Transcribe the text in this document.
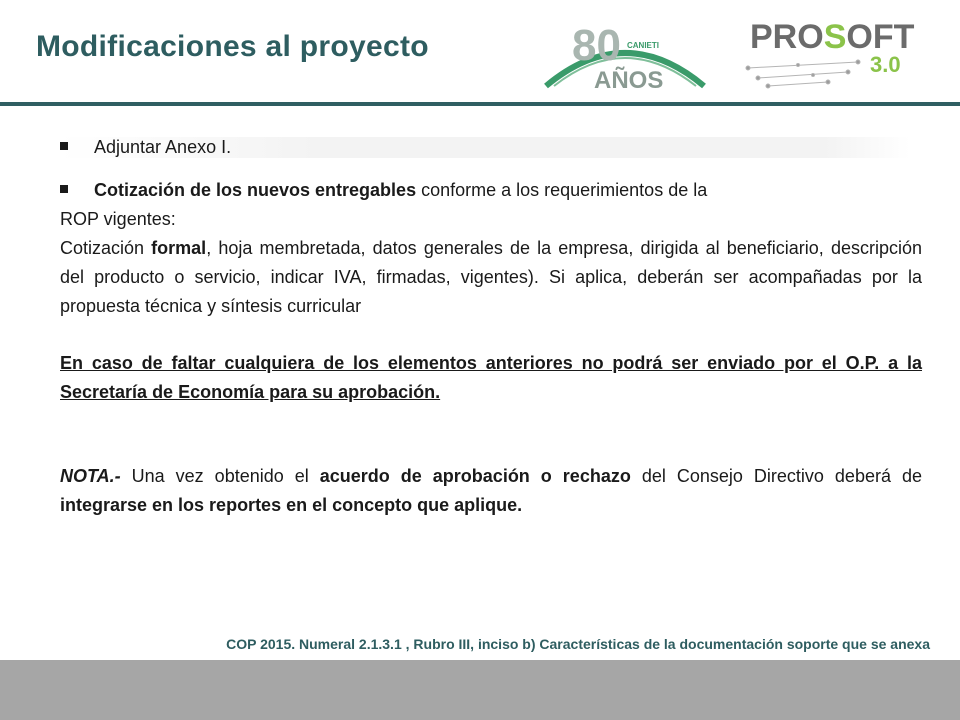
Modificaciones al proyecto	80 CANIETI
AÑOS
PROSOFT
3.0
Adjuntar Anexo I.
Cotización de los nuevos entregables conforme a los requerimientos de la
ROP vigentes:
Cotización formal, hoja membretada, datos generales de la empresa, dirigida al beneficiario, descripción del producto o servicio, indicar IVA, firmadas, vigentes). Si aplica, deberán ser acompañadas por la propuesta técnica y síntesis curricular
En caso de faltar cualquiera de los elementos anteriores no podrá ser enviado por el O.P. a la Secretaría de Economía para su aprobación.
NOTA.- Una vez obtenido el acuerdo de aprobación o rechazo del Consejo Directivo deberá de integrarse en los reportes en el concepto que aplique.
COP 2015. Numeral 2.1.3.1 , Rubro III, inciso b) Características de la documentación soporte que se anexa
